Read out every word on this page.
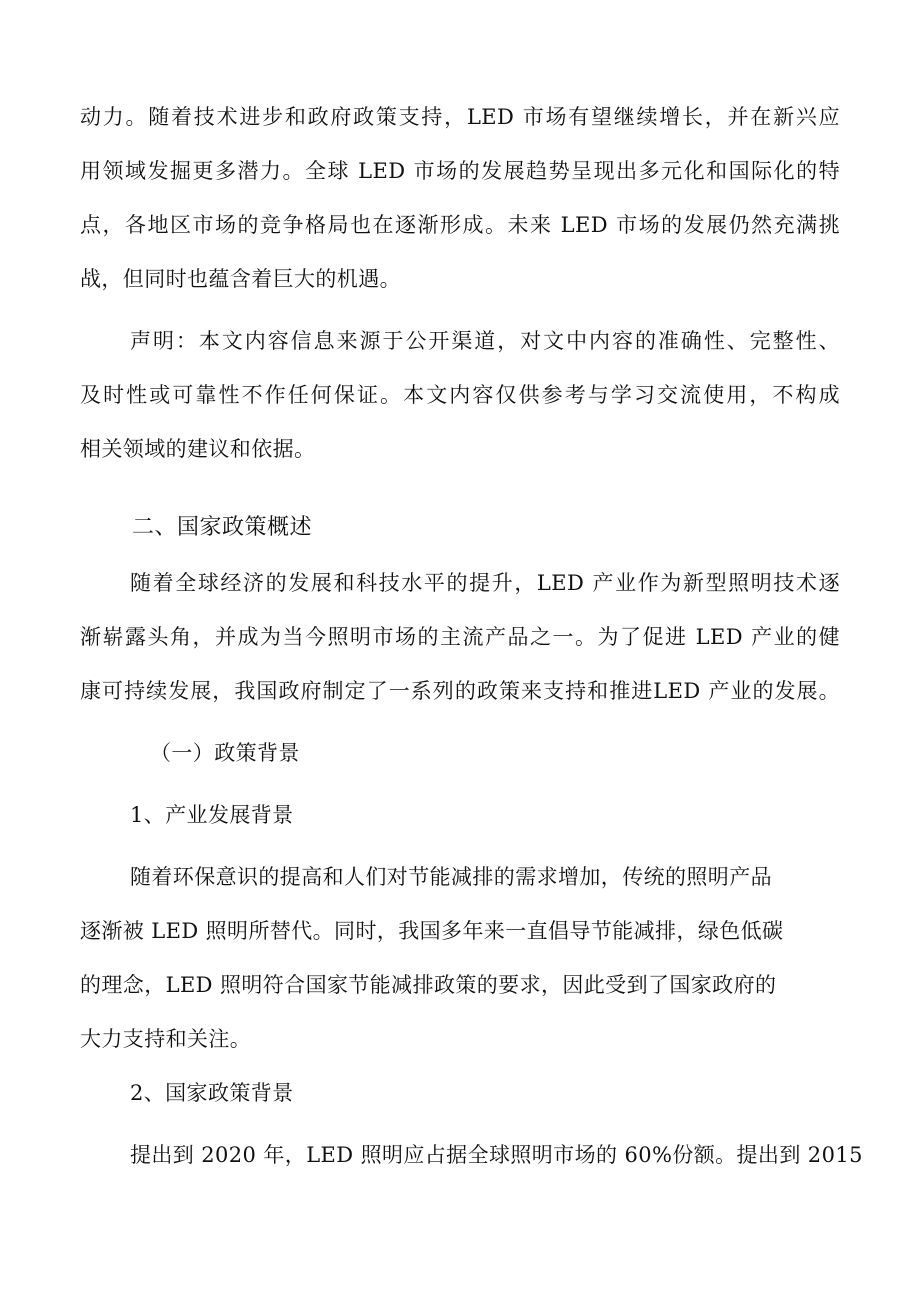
动力。随着技术进步和政府政策支持，LED 市场有望继续增长，并在新兴应
用领域发掘更多潜力。全球 LED 市场的发展趋势呈现出多元化和国际化的特
点，各地区市场的竞争格局也在逐渐形成。未来 LED 市场的发展仍然充满挑
战，但同时也蕴含着巨大的机遇。
声明：本文内容信息来源于公开渠道，对文中内容的准确性、完整性、
及时性或可靠性不作任何保证。本文内容仅供参考与学习交流使用，不构成
相关领域的建议和依据。
二、国家政策概述
随着全球经济的发展和科技水平的提升，LED 产业作为新型照明技术逐
渐崭露头角，并成为当今照明市场的主流产品之一。为了促进 LED 产业的健
康可持续发展，我国政府制定了一系列的政策来支持和推进LED 产业的发展。
（一）政策背景
1、产业发展背景
随着环保意识的提高和人们对节能减排的需求增加，传统的照明产品
逐渐被 LED 照明所替代。同时，我国多年来一直倡导节能减排，绿色低碳
的理念，LED 照明符合国家节能减排政策的要求，因此受到了国家政府的
大力支持和关注。
2、国家政策背景
提出到 2020 年，LED 照明应占据全球照明市场的 60%份额。提出到 2015
